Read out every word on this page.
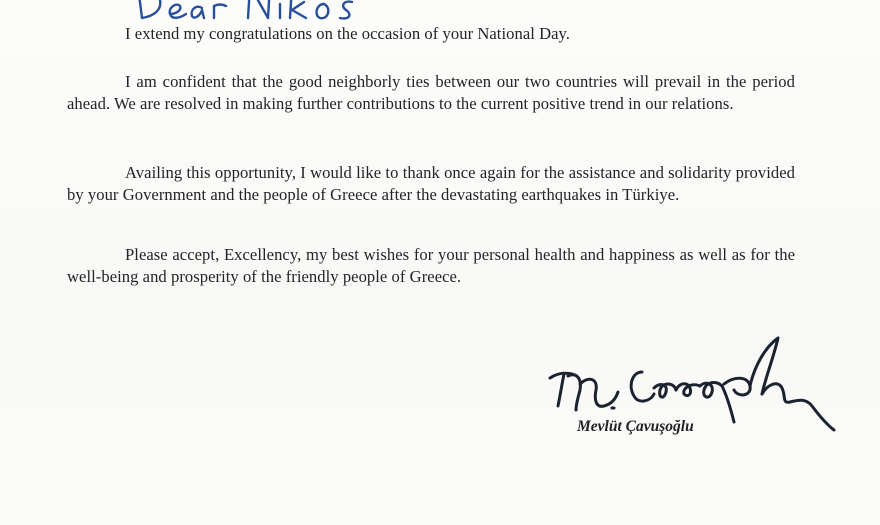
I extend my congratulations on the occasion of your National Day.

I am confident that the good neighborly ties between our two countries will prevail in the period ahead. We are resolved in making further contributions to the current positive trend in our relations.

Availing this opportunity, I would like to thank once again for the assistance and solidarity provided by your Government and the people of Greece after the devastating earthquakes in Türkiye.

Please accept, Excellency, my best wishes for your personal health and happiness as well as for the well-being and prosperity of the friendly people of Greece.

Mevlüt Çavuşoğlu
